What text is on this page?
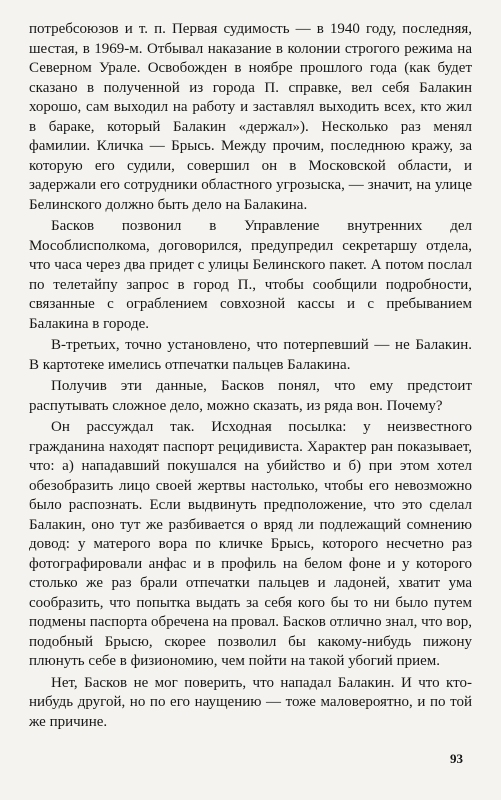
потребсоюзов и т. п. Первая судимость — в 1940 году, последняя, шестая, в 1969-м. Отбывал наказание в колонии строгого режима на Северном Урале. Освобожден в ноябре прошлого года (как будет сказано в полученной из города П. справке, вел себя Балакин хорошо, сам выходил на работу и заставлял выходить всех, кто жил в бараке, который Балакин «держал»). Несколько раз менял фамилии. Кличка — Брысь. Между прочим, последнюю кражу, за которую его судили, совершил он в Московской области, и задержали его сотрудники областного угрозыска, — значит, на улице Белинского должно быть дело на Балакина.

Басков позвонил в Управление внутренних дел Мособлисполкома, договорился, предупредил секретаршу отдела, что часа через два придет с улицы Белинского пакет. А потом послал по телетайпу запрос в город П., чтобы сообщили подробности, связанные с ограблением совхозной кассы и с пребыванием Балакина в городе.

В-третьих, точно установлено, что потерпевший — не Балакин. В картотеке имелись отпечатки пальцев Балакина.

Получив эти данные, Басков понял, что ему предстоит распутывать сложное дело, можно сказать, из ряда вон. Почему?

Он рассуждал так. Исходная посылка: у неизвестного гражданина находят паспорт рецидивиста. Характер ран показывает, что: а) нападавший покушался на убийство и б) при этом хотел обезобразить лицо своей жертвы настолько, чтобы его невозможно было распознать. Если выдвинуть предположение, что это сделал Балакин, оно тут же разбивается о вряд ли подлежащий сомнению довод: у матерого вора по кличке Брысь, которого несчетно раз фотографировали анфас и в профиль на белом фоне и у которого столько же раз брали отпечатки пальцев и ладоней, хватит ума сообразить, что попытка выдать за себя кого бы то ни было путем подмены паспорта обречена на провал. Басков отлично знал, что вор, подобный Брысю, скорее позволил бы какому-нибудь пижону плюнуть себе в физиономию, чем пойти на такой убогий прием.

Нет, Басков не мог поверить, что нападал Балакин. И что кто-нибудь другой, но по его наущению — тоже маловероятно, и по той же причине.

93
